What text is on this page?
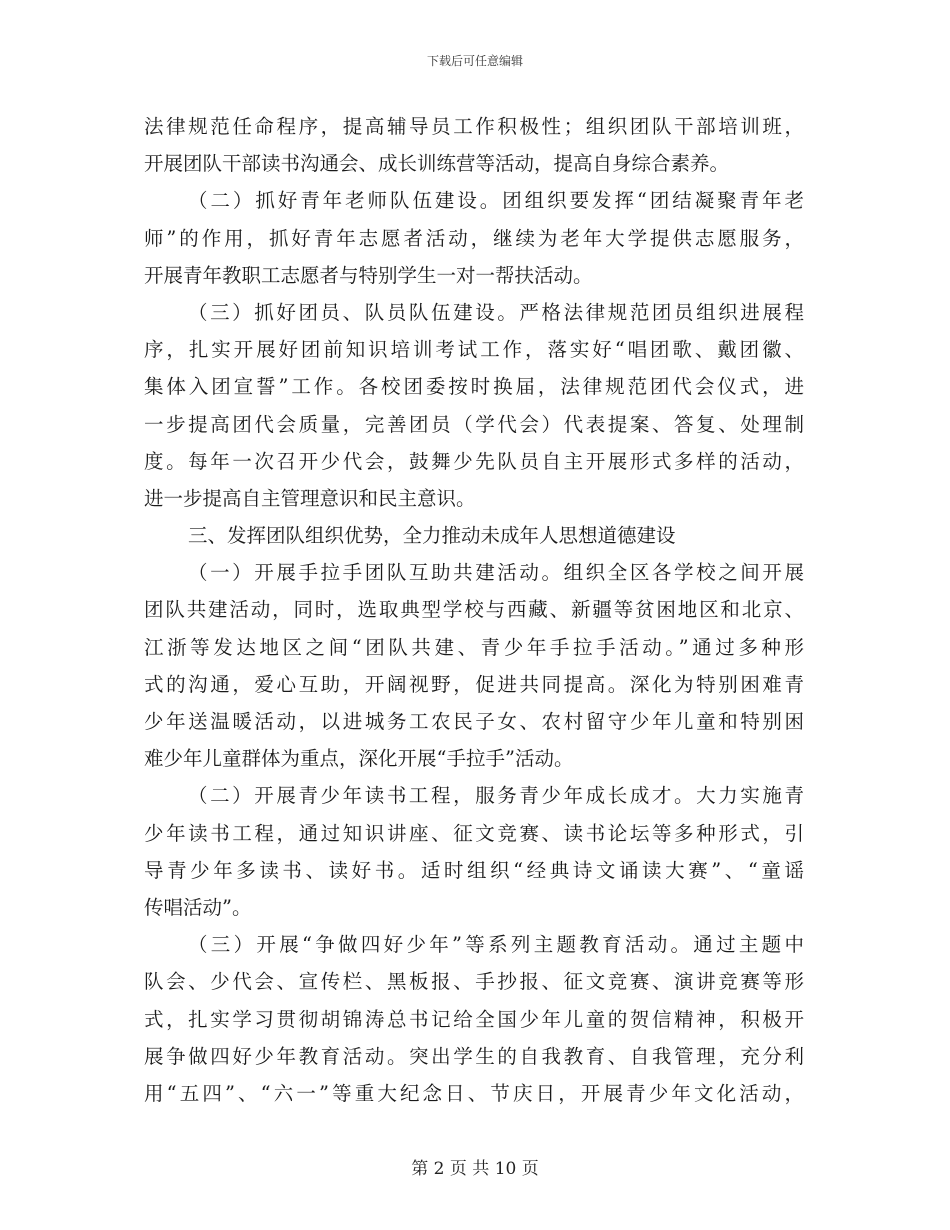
下载后可任意编辑
法律规范任命程序，提高辅导员工作积极性；组织团队干部培训班，
开展团队干部读书沟通会、成长训练营等活动，提高自身综合素养。
（二）抓好青年老师队伍建设。团组织要发挥“团结凝聚青年老
师”的作用，抓好青年志愿者活动，继续为老年大学提供志愿服务，
开展青年教职工志愿者与特别学生一对一帮扶活动。
（三）抓好团员、队员队伍建设。严格法律规范团员组织进展程
序，扎实开展好团前知识培训考试工作，落实好“唱团歌、戴团徽、
集体入团宣誓”工作。各校团委按时换届，法律规范团代会仪式，进
一步提高团代会质量，完善团员（学代会）代表提案、答复、处理制
度。每年一次召开少代会，鼓舞少先队员自主开展形式多样的活动，
进一步提高自主管理意识和民主意识。
三、发挥团队组织优势，全力推动未成年人思想道德建设
（一）开展手拉手团队互助共建活动。组织全区各学校之间开展
团队共建活动，同时，选取典型学校与西藏、新疆等贫困地区和北京、
江浙等发达地区之间“团队共建、青少年手拉手活动。”通过多种形
式的沟通，爱心互助，开阔视野，促进共同提高。深化为特别困难青
少年送温暖活动，以进城务工农民子女、农村留守少年儿童和特别困
难少年儿童群体为重点，深化开展“手拉手”活动。
（二）开展青少年读书工程，服务青少年成长成才。大力实施青
少年读书工程，通过知识讲座、征文竞赛、读书论坛等多种形式，引
导青少年多读书、读好书。适时组织“经典诗文诵读大赛”、“童谣
传唱活动”。
（三）开展“争做四好少年”等系列主题教育活动。通过主题中
队会、少代会、宣传栏、黑板报、手抄报、征文竞赛、演讲竞赛等形
式，扎实学习贯彻胡锦涛总书记给全国少年儿童的贺信精神，积极开
展争做四好少年教育活动。突出学生的自我教育、自我管理，充分利
用“五四”、“六一”等重大纪念日、节庆日，开展青少年文化活动，
第 2 页 共 10 页
